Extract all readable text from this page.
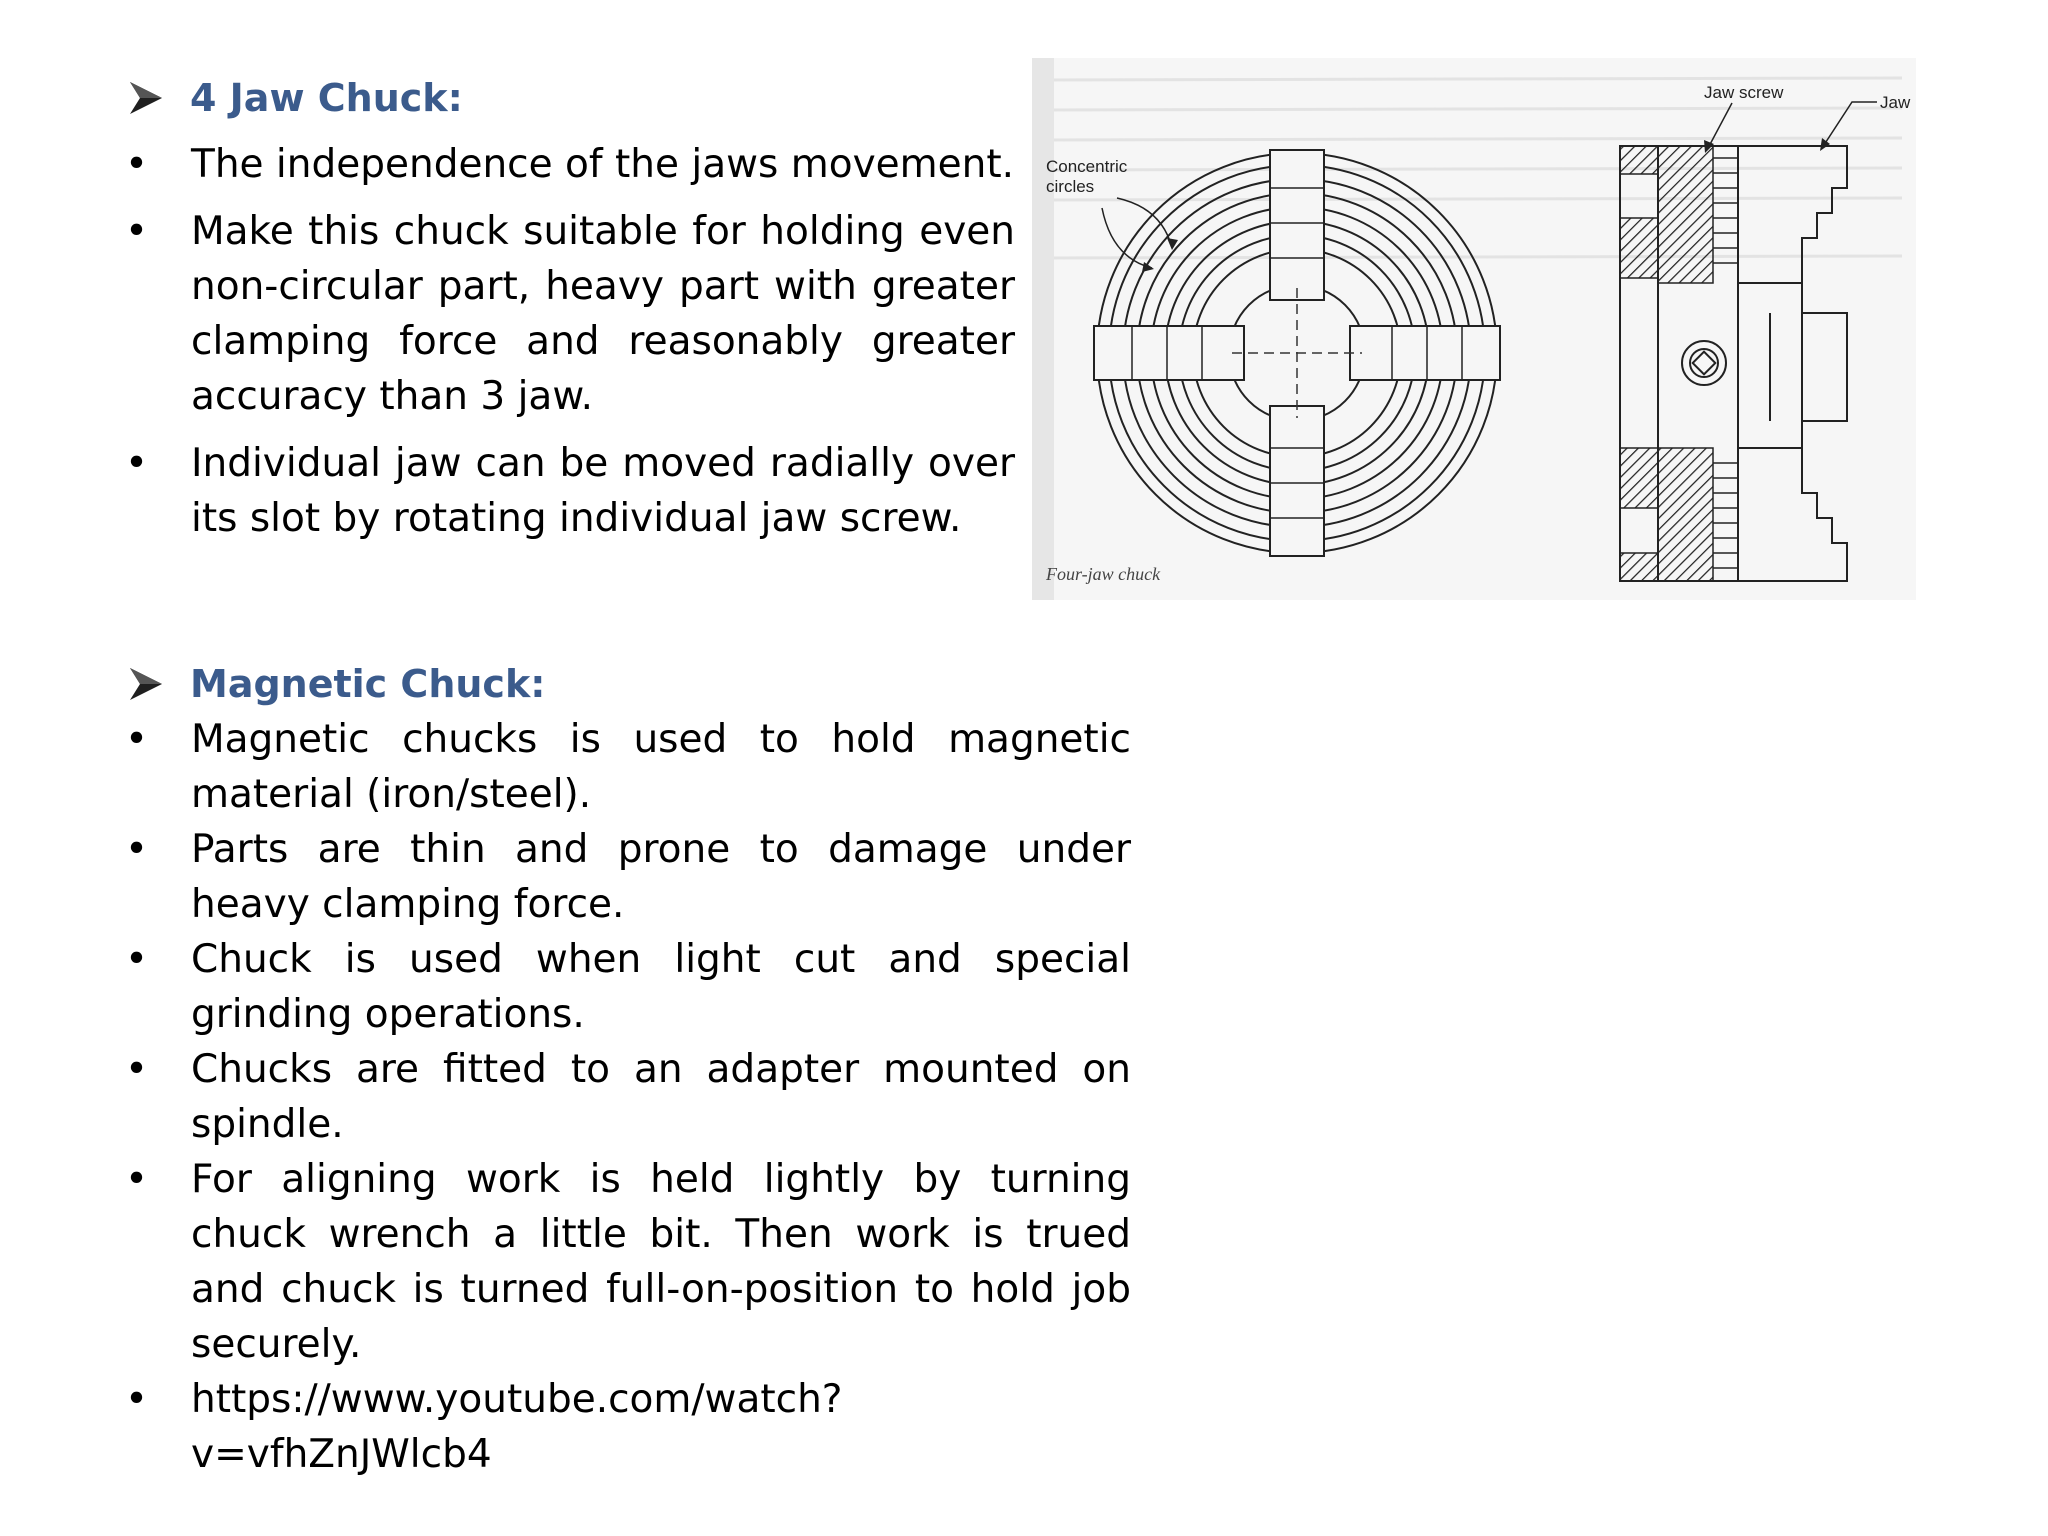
4 Jaw Chuck:
• The independence of the jaws movement.
• Make this chuck suitable for holding even non-circular part, heavy part with greater clamping force and reasonably greater accuracy than 3 jaw.
• Individual jaw can be moved radially over its slot by rotating individual jaw screw.
Concentric
circles
Jaw screw
Jaw
Four-jaw chuck
Magnetic Chuck:
• Magnetic chucks is used to hold magnetic material (iron/steel).
• Parts are thin and prone to damage under heavy clamping force.
• Chuck is used when light cut and special grinding operations.
• Chucks are fitted to an adapter mounted on spindle.
• For aligning work is held lightly by turning chuck wrench a little bit. Then work is trued and chuck is turned full-on-position to hold job securely.
• https://www.youtube.com/watch?v=vfhZnJWlcb4
